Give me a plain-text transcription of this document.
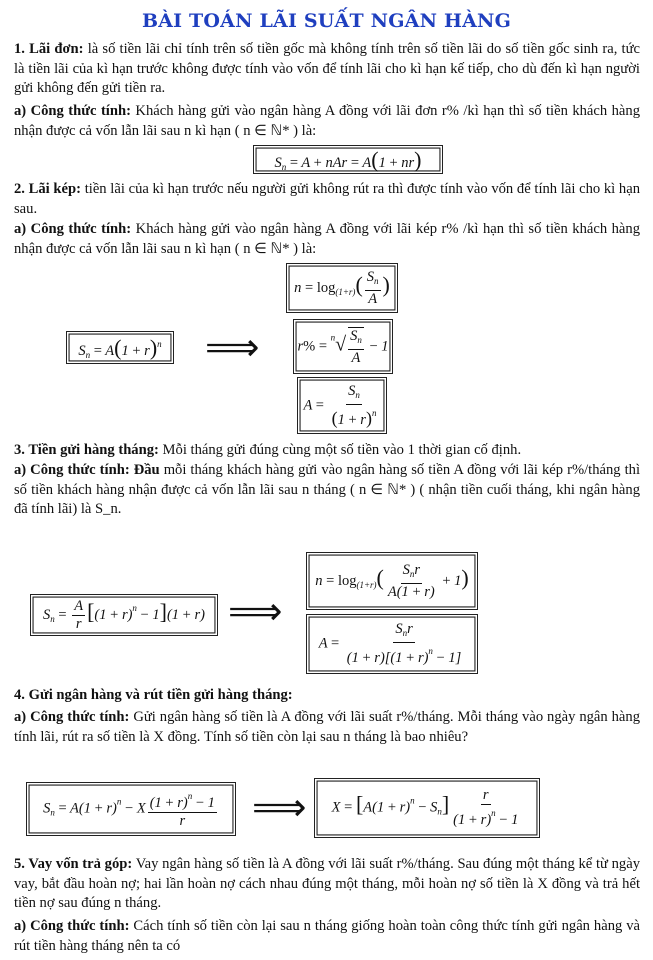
BÀI TOÁN LÃI SUẤT NGÂN HÀNG

1. Lãi đơn: là số tiền lãi chỉ tính trên số tiền gốc mà không tính trên số tiền lãi do số tiền gốc sinh ra, tức là tiền lãi của kì hạn trước không được tính vào vốn để tính lãi cho kì hạn kế tiếp, cho dù đến kì hạn người gửi không đến gửi tiền ra.

a) Công thức tính: Khách hàng gửi vào ngân hàng A đồng với lãi đơn r% /kì hạn thì số tiền khách hàng nhận được cả vốn lẫn lãi sau n kì hạn ( n ∈ ℕ* ) là:

$S_n = A$ + nAr = A(1 + nr)

2. Lãi kép: tiền lãi của kì hạn trước nếu người gửi không rút ra thì được tính vào vốn để tính lãi cho kì hạn sau.

a) Công thức tính: Khách hàng gửi vào ngân hàng A đồng với lãi kép r% /kì hạn thì số tiền khách hàng nhận được cả vốn lẫn lãi sau n kì hạn ( n ∈ ℕ* ) là:

$n = \log_{(1+r)}( \frac{S_n}{A}$ )
$S_n = A(1 + r)^n$ ⟹	$r\% = ^n√ \frac{S_n}{A} - 1$
$A = \frac{S_n}{(1 + r)^n}$

3. Tiền gửi hàng tháng: Mỗi tháng gửi đúng cùng một số tiền vào 1 thời gian cố định.

a) Công thức tính: Đầu mỗi tháng khách hàng gửi vào ngân hàng số tiền A đồng với lãi kép r%/tháng thì số tiền khách hàng nhận được cả vốn lẫn lãi sau n tháng ( n ∈ ℕ* ) ( nhận tiền cuối tháng, khi ngân hàng đã tính lãi) là S_n.

$n = \log_{(1+r)}( \frac{S_nr}{A(1 + r)} + 1)$
$S_n = \frac{A}{r} [(1 + r)^n - 1](1 + r)$ ⟹
$A = \frac{S_nr}{(1 + r)[(1 + r)^n - 1]}$

4. Gửi ngân hàng và rút tiền gửi hàng tháng:

a) Công thức tính: Gửi ngân hàng số tiền là A đồng với lãi suất r%/tháng. Mỗi tháng vào ngày ngân hàng tính lãi, rút ra số tiền là X đồng. Tính số tiền còn lại sau n tháng là bao nhiêu?

$S_n = A(1 + r)^n - X \frac{(1 + r)^n - 1}{r}$ ⟹ $X = [A(1 + r)^n - S_n] \frac{r}{(1 + r)^n - 1}$

5. Vay vốn trả góp: Vay ngân hàng số tiền là A đồng với lãi suất r%/tháng. Sau đúng một tháng kể từ ngày vay, bắt đầu hoàn nợ; hai lần hoàn nợ cách nhau đúng một tháng, mỗi hoàn nợ số tiền là X đồng và trả hết tiền nợ sau đúng n tháng.

a) Công thức tính: Cách tính số tiền còn lại sau n tháng giống hoàn toàn công thức tính gửi ngân hàng và rút tiền hàng tháng nên ta có
